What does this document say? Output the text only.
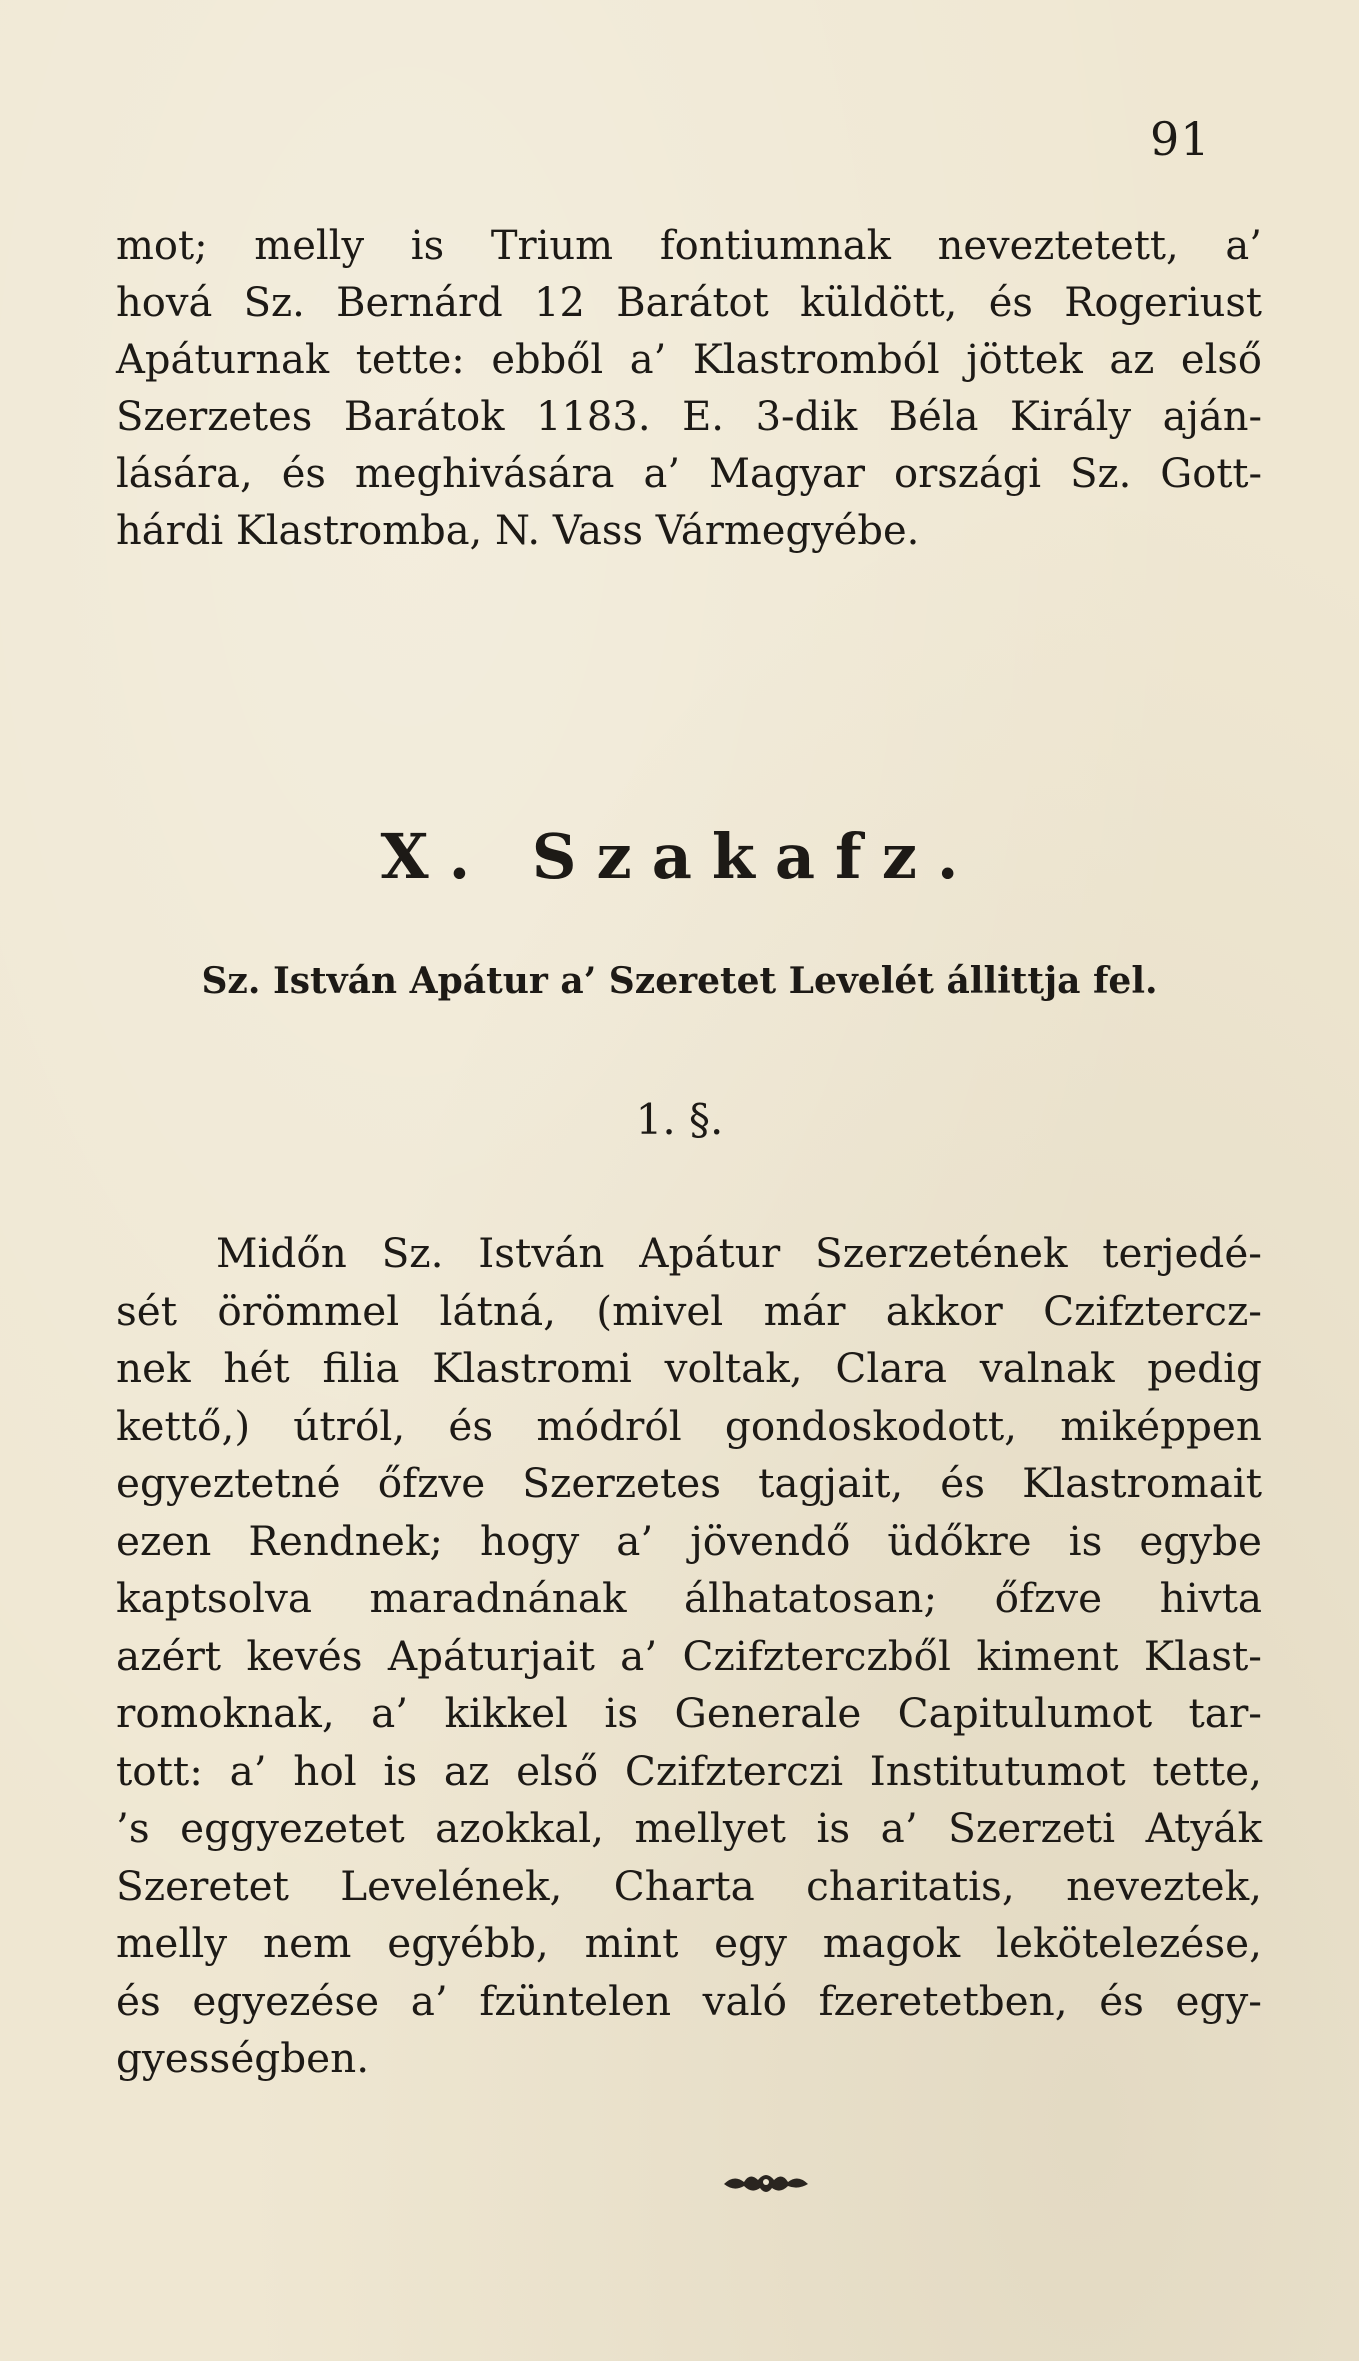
91
mot; melly is Trium fontiumnak neveztetett, a’
hová Sz. Bernárd 12 Barátot küldött, és Rogeriust
Apáturnak tette: ebből a’ Klastromból jöttek az első
Szerzetes Barátok 1183. E. 3-dik Béla Király aján-
lására, és meghivására a’ Magyar országi Sz. Gott-
hárdi Klastromba, N. Vass Vármegyébe.
X. Szakafz.
Sz. István Apátur a’ Szeretet Levelét állittja fel.
1. §.
Midőn Sz. István Apátur Szerzetének terjedé-
sét örömmel látná, (mivel már akkor Czifztercz-
nek hét filia Klastromi voltak, Clara valnak pedig
kettő,) útról, és módról gondoskodott, miképpen
egyeztetné őfzve Szerzetes tagjait, és Klastromait
ezen Rendnek; hogy a’ jövendő üdőkre is egybe
kaptsolva maradnának álhatatosan; őfzve hivta
azért kevés Apáturjait a’ Czifzterczből kiment Klast-
romoknak, a’ kikkel is Generale Capitulumot tar-
tott: a’ hol is az első Czifzterczi Institutumot tette,
’s eggyezetet azokkal, mellyet is a’ Szerzeti Atyák
Szeretet Levelének, Charta charitatis, neveztek,
melly nem egyébb, mint egy magok lekötelezése,
és egyezése a’ fzüntelen való fzeretetben, és egy-
gyességben.
